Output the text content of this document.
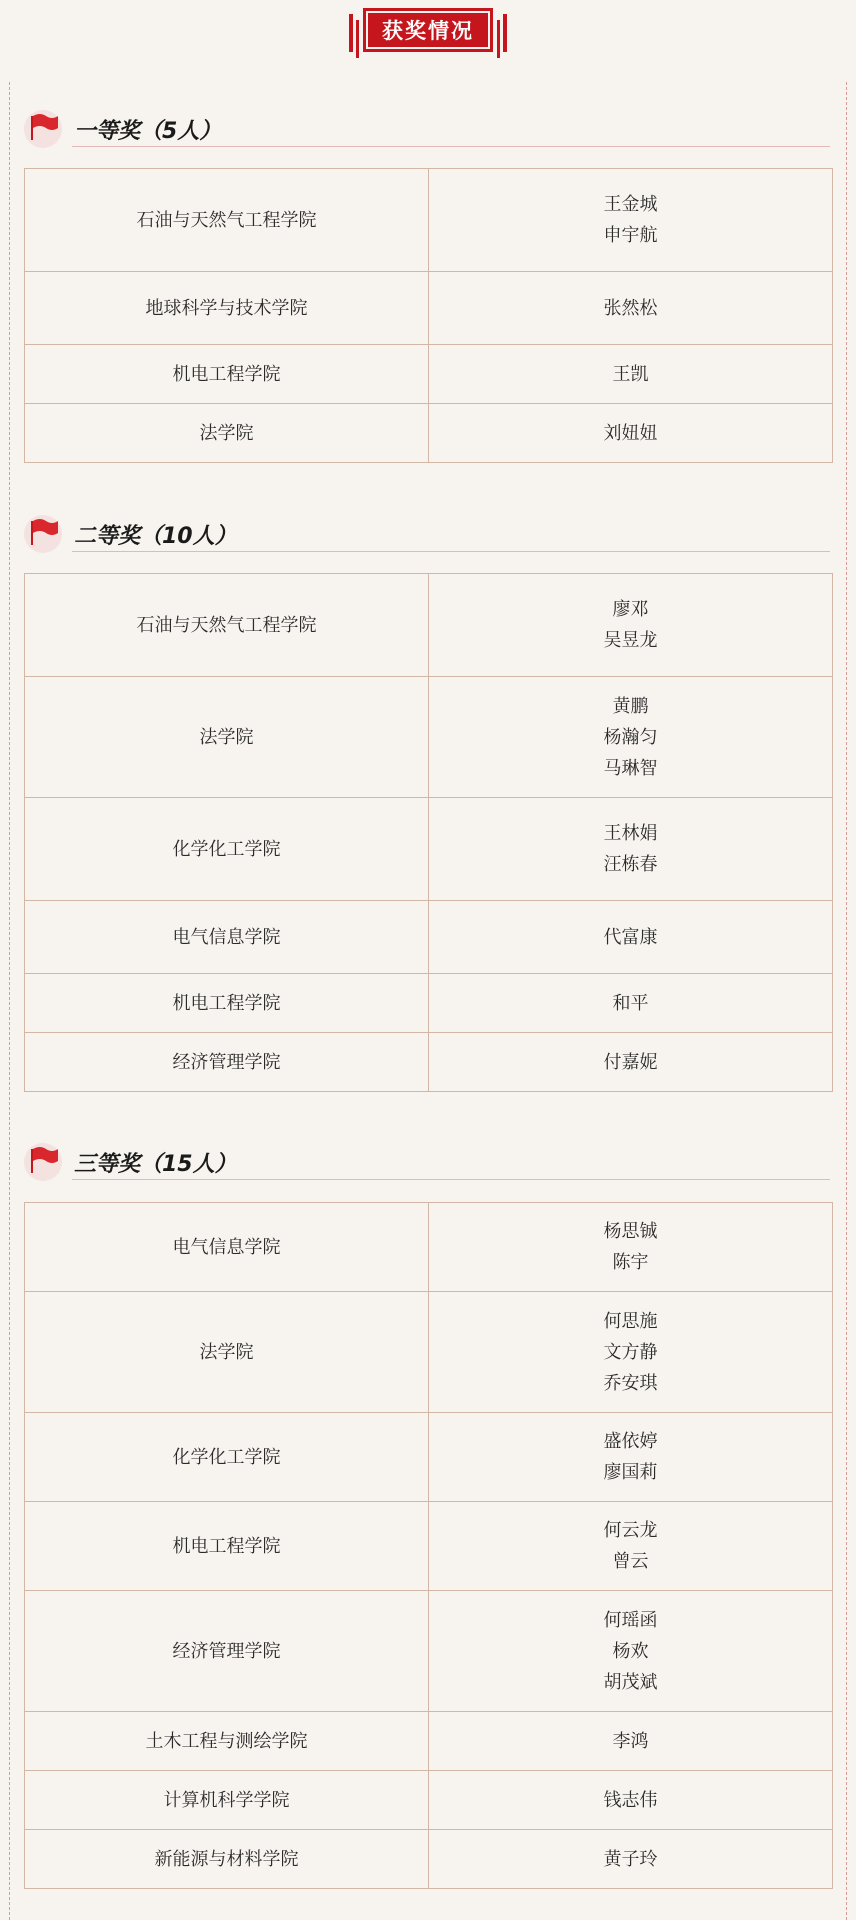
获奖情况
一等奖（5人）
石油与天然气工程学院	王金城
申宇航

地球科学与技术学院	张然松

机电工程学院	王凯

法学院	刘妞妞
二等奖（10人）
石油与天然气工程学院	廖邓
吴昱龙

法学院	黄鹏
杨瀚匀
马琳智

化学化工学院	王林娟
汪栋春

电气信息学院	代富康

机电工程学院	和平

经济管理学院	付嘉妮
三等奖（15人）
电气信息学院	杨思铖
陈宇

法学院	何思施
文方静
乔安琪

化学化工学院	盛依婷
廖国莉

机电工程学院	何云龙
曾云

经济管理学院	何瑶函
杨欢
胡茂斌

土木工程与测绘学院	李鸿

计算机科学学院	钱志伟

新能源与材料学院	黄子玲
